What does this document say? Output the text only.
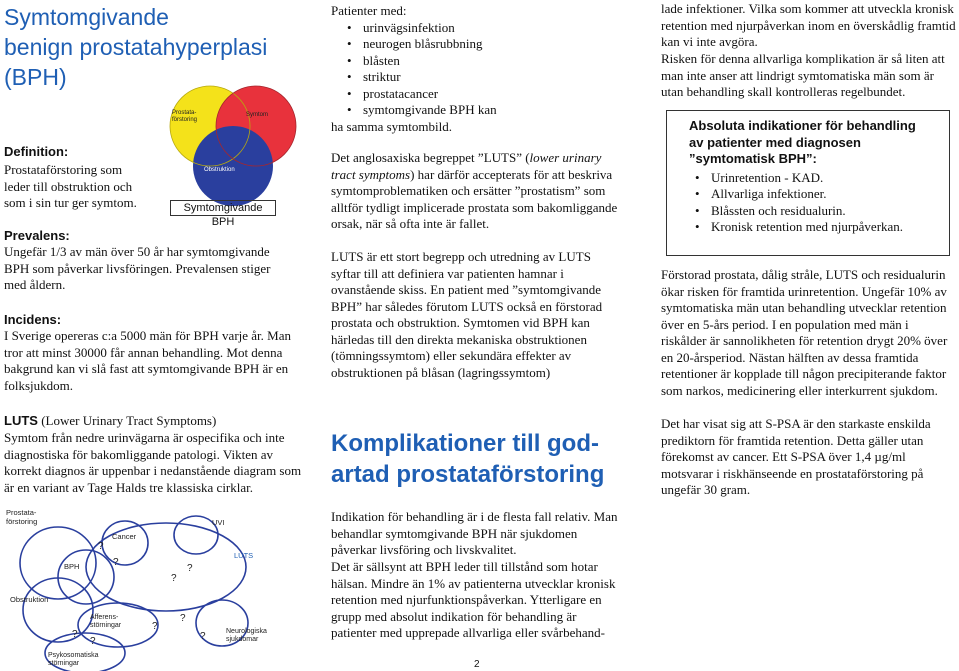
Symtomgivande
benign prostatahyperplasi
(BPH)
Prostata-
förstoring
Symtom
Obstruktion
Symtomgivande BPH
Definition:

Prostataförstoring som

leder till obstruktion och

som i sin tur ger symtom.

Prevalens:

Ungefär 1/3 av män över 50 år har symtomgivande BPH som påverkar livsföringen. Prevalensen stiger med åldern.

Incidens:

I Sverige opereras c:a 5000 män för BPH varje år. Man tror att minst 30000 får annan behandling. Mot denna bakgrund kan vi slå fast att symtomgivande BPH är en folksjukdom.

LUTS (Lower Urinary Tract Symptoms)

Symtom från nedre urinvägarna är ospecifika och inte diagnostiska för bakomliggande patologi. Vikten av korrekt diagnos är uppenbar i nedanstående diagram som är en variant av Tage Halds tre klassiska cirklar.

Prostata-
förstoring
Obstruktion
BPH
Cancer
UVI
LUTS
Afferens-
störningar
Psykosomatiska
störningar
Neurologiska
sjukdomar
?
?
?
?
?
?
?
?
?

Patienter med:

• urinvägsinfektion
• neurogen blåsrubbning
• blåsten
• striktur
• prostatacancer
• symtomgivande BPH kan

ha samma symtombild.

Det anglosaxiska begreppet ”LUTS” (lower urinary tract symptoms) har därför accepterats för att beskriva symtomproblematiken och ersätter ”prostatism” som alltför tydligt implicerade prostata som bakomliggande orsak, när så ofta inte är fallet.

LUTS är ett stort begrepp och utredning av LUTS syftar till att definiera var patienten hamnar i ovanstående skiss. En patient med ”symtomgivande BPH” har således förutom LUTS också en förstorad prostata och obstruktion. Symtomen vid BPH kan härledas till den direkta mekaniska obstruktionen (tömningssymtom) eller sekundära effekter av obstruktionen på blåsan (lagringssymtom)

Komplikationer till god-
artad prostataförstoring

Indikation för behandling är i de flesta fall relativ. Man behandlar symtomgivande BPH när sjukdomen påverkar livsföring och livskvalitet.

Det är sällsynt att BPH leder till tillstånd som hotar hälsan. Mindre än 1% av patienterna utvecklar kronisk retention med njurfunktionspåverkan. Ytterligare en grupp med absolut indikation för behandling är patienter med upprepade allvarliga eller svårbehand-

2

lade infektioner. Vilka som kommer att utveckla kronisk retention med njurpåverkan inom en överskådlig framtid kan vi inte avgöra.

Risken för denna allvarliga komplikation är så liten att man inte anser att lindrigt symtomatiska män som är utan behandling skall kontrolleras regelbundet.

Absoluta indikationer för behandling av patienter med diagnosen ”symtomatisk BPH”:
• Urinretention - KAD.
• Allvarliga infektioner.
• Blåssten och residualurin.
• Kronisk retention med njurpåverkan.

Förstorad prostata, dålig stråle, LUTS och residualurin ökar risken för framtida urinretention. Ungefär 10% av symtomatiska män utan behandling utvecklar retention över en 5-års period. I en population med män i riskålder är sannolikheten för retention drygt 20% över en 20-årsperiod. Nästan hälften av dessa framtida retentioner är kopplade till någon precipiterande faktor som narkos, medicinering eller interkurrent sjukdom.

Det har visat sig att S-PSA är den starkaste enskilda prediktorn för framtida retention. Detta gäller utan förekomst av cancer. Ett S-PSA över 1,4 µg/ml motsvarar i riskhänseende en prostataförstoring på ungefär 30 gram.
